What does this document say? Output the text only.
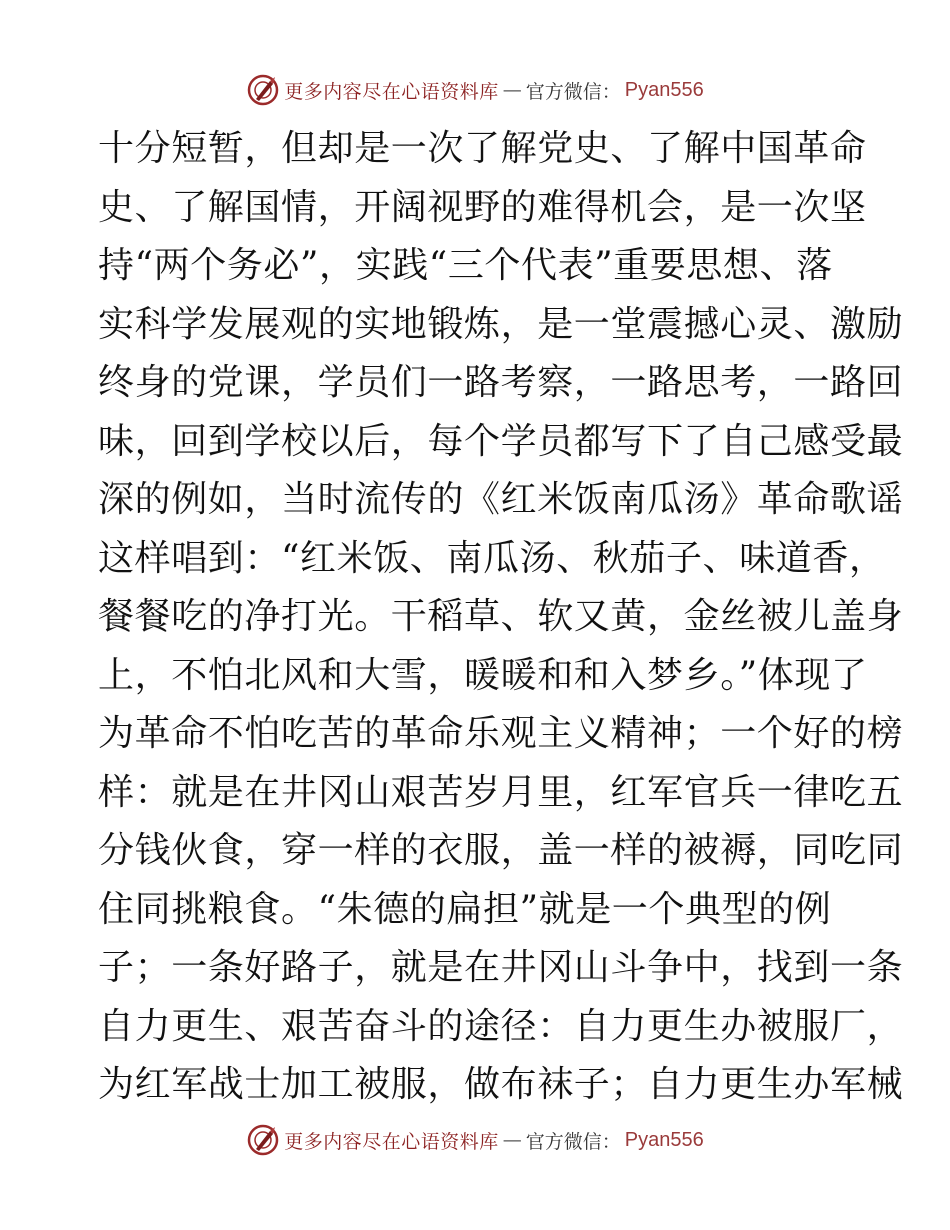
更多内容尽在心语资料库 — 官方微信： Pyan556
十分短暂，但却是一次了解党史、了解中国革命
史、了解国情，开阔视野的难得机会，是一次坚
持“两个务必”，实践“三个代表”重要思想、落
实科学发展观的实地锻炼，是一堂震撼心灵、激励
终身的党课，学员们一路考察，一路思考，一路回
味，回到学校以后，每个学员都写下了自己感受最
深的例如，当时流传的《红米饭南瓜汤》革命歌谣
这样唱到：“红米饭、南瓜汤、秋茄子、味道香，
餐餐吃的净打光。干稻草、软又黄，金丝被儿盖身
上，不怕北风和大雪，暖暖和和入梦乡。”体现了
为革命不怕吃苦的革命乐观主义精神；一个好的榜
样：就是在井冈山艰苦岁月里，红军官兵一律吃五
分钱伙食，穿一样的衣服，盖一样的被褥，同吃同
住同挑粮食。“朱德的扁担”就是一个典型的例
子；一条好路子，就是在井冈山斗争中，找到一条
自力更生、艰苦奋斗的途径：自力更生办被服厂，
为红军战士加工被服，做布袜子；自力更生办军械
更多内容尽在心语资料库 — 官方微信： Pyan556
